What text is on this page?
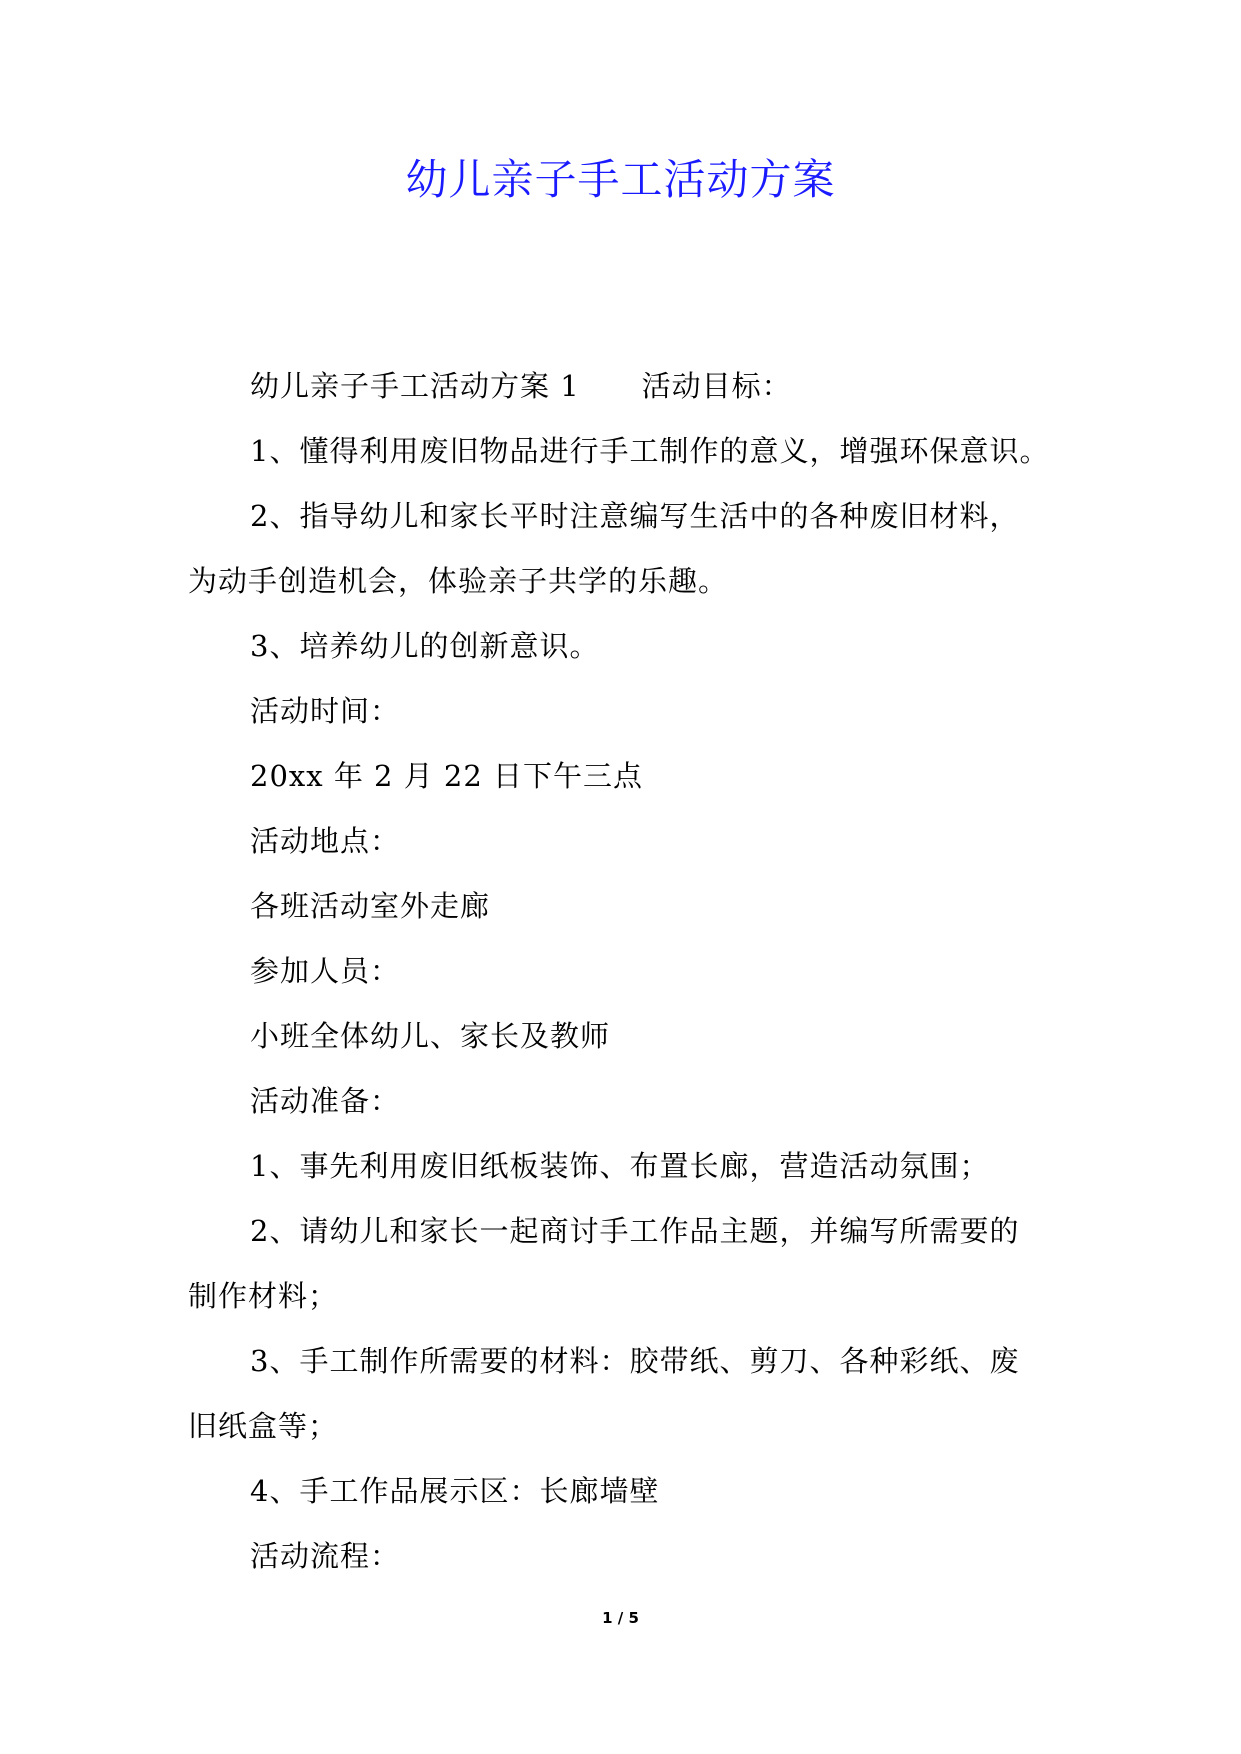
幼儿亲子手工活动方案
幼儿亲子手工活动方案 1 活动目标：
1、懂得利用废旧物品进行手工制作的意义，增强环保意识。
2、指导幼儿和家长平时注意编写生活中的各种废旧材料，
为动手创造机会，体验亲子共学的乐趣。
3、培养幼儿的创新意识。
活动时间：
20xx 年 2 月 22 日下午三点
活动地点：
各班活动室外走廊
参加人员：
小班全体幼儿、家长及教师
活动准备：
1、事先利用废旧纸板装饰、布置长廊，营造活动氛围；
2、请幼儿和家长一起商讨手工作品主题，并编写所需要的
制作材料；
3、手工制作所需要的材料：胶带纸、剪刀、各种彩纸、废
旧纸盒等；
4、手工作品展示区：长廊墙壁
活动流程：
1 / 5
